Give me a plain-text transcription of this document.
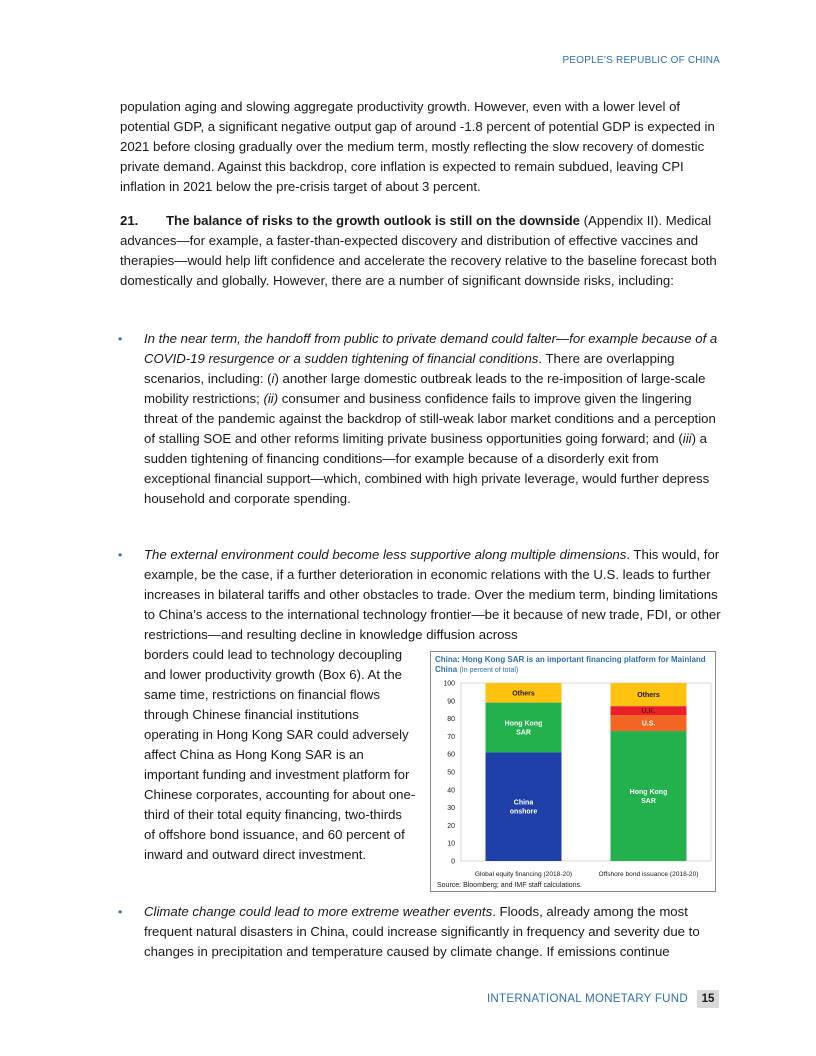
PEOPLE’S REPUBLIC OF CHINA

population aging and slowing aggregate productivity growth. However, even with a lower level of potential GDP, a significant negative output gap of around -1.8 percent of potential GDP is expected in 2021 before closing gradually over the medium term, mostly reflecting the slow recovery of domestic private demand. Against this backdrop, core inflation is expected to remain subdued, leaving CPI inflation in 2021 below the pre-crisis target of about 3 percent.

21. The balance of risks to the growth outlook is still on the downside (Appendix II). Medical advances—for example, a faster-than-expected discovery and distribution of effective vaccines and therapies—would help lift confidence and accelerate the recovery relative to the baseline forecast both domestically and globally. However, there are a number of significant downside risks, including:

• In the near term, the handoff from public to private demand could falter—for example because of a COVID-19 resurgence or a sudden tightening of financial conditions. There are overlapping scenarios, including: (i) another large domestic outbreak leads to the re-imposition of large-scale mobility restrictions; (ii) consumer and business confidence fails to improve given the lingering threat of the pandemic against the backdrop of still-weak labor market conditions and a perception of stalling SOE and other reforms limiting private business opportunities going forward; and (iii) a sudden tightening of financing conditions—for example because of a disorderly exit from exceptional financial support—which, combined with high private leverage, would further depress household and corporate spending.

• The external environment could become less supportive along multiple dimensions. This would, for example, be the case, if a further deterioration in economic relations with the U.S. leads to further increases in bilateral tariffs and other obstacles to trade. Over the medium term, binding limitations to China’s access to the international technology frontier—be it because of new trade, FDI, or other restrictions—and resulting decline in knowledge diffusion across

borders could lead to technology decoupling and lower productivity growth (Box 6). At the same time, restrictions on financial flows through Chinese financial institutions operating in Hong Kong SAR could adversely affect China as Hong Kong SAR is an important funding and investment platform for Chinese corporates, accounting for about one-third of their total equity financing, two-thirds of offshore bond issuance, and 60 percent of inward and outward direct investment.

China: Hong Kong SAR is an important financing platform for Mainland China (In percent of total)
0
10
20
30
40
50
60
70
80
90
100
China
onshore
Hong Kong
SAR
Others
Global equity financing (2018-20)
Hong Kong
SAR
U.S.
U.K.
Others
Offshore bond issuance (2018-20)
Source: Bloomberg; and IMF staff calculations.
• Climate change could lead to more extreme weather events. Floods, already among the most frequent natural disasters in China, could increase significantly in frequency and severity due to changes in precipitation and temperature caused by climate change. If emissions continue

INTERNATIONAL MONETARY FUND	15
